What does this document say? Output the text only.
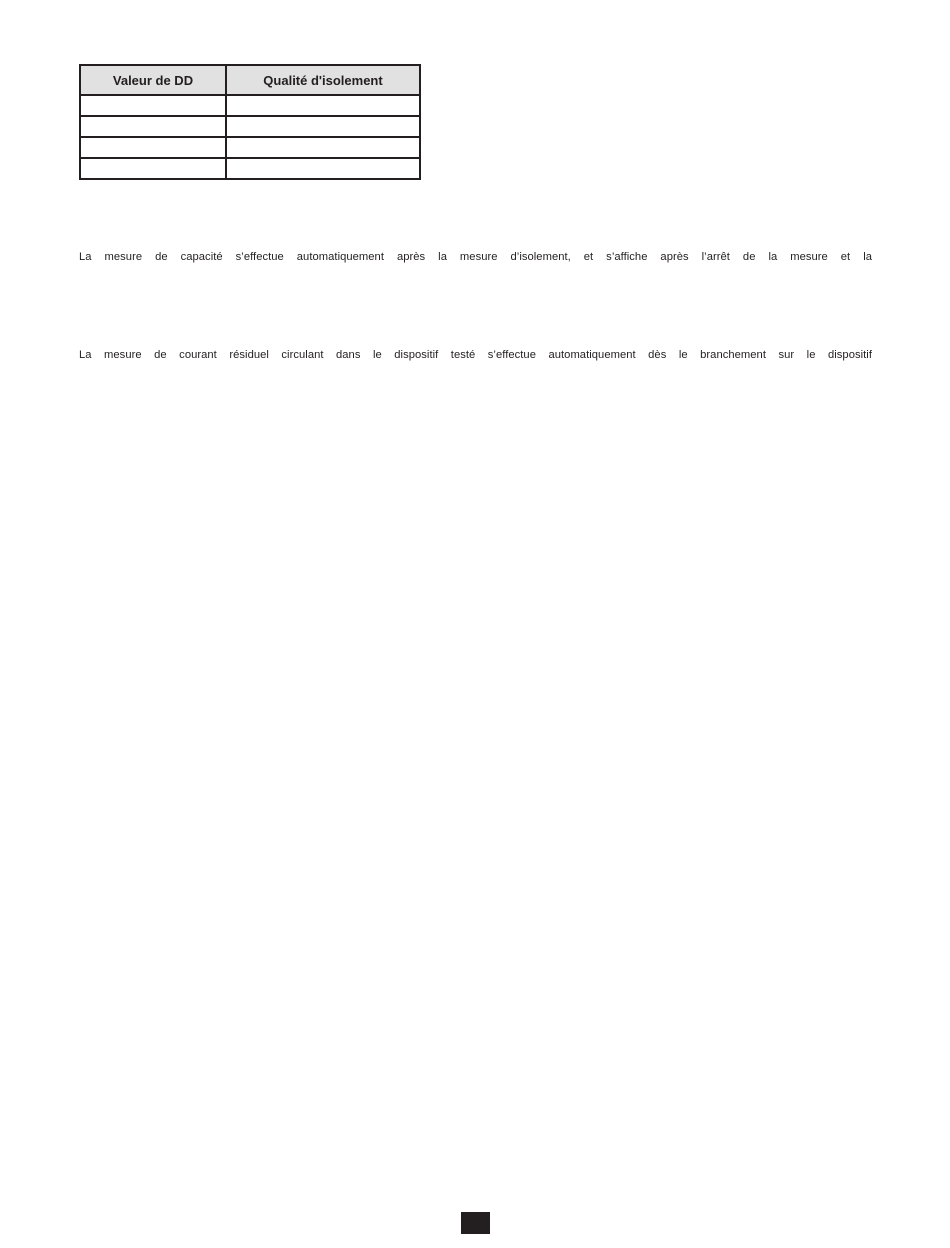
Valeur de DD	Qualité d'isolement

La mesure de capacité s’effectue automatiquement après la mesure d’isolement, et s’affiche après l’arrêt de la mesure et la

La mesure de courant résiduel circulant dans le dispositif testé s’effectue automatiquement dès le branchement sur le dispositif
